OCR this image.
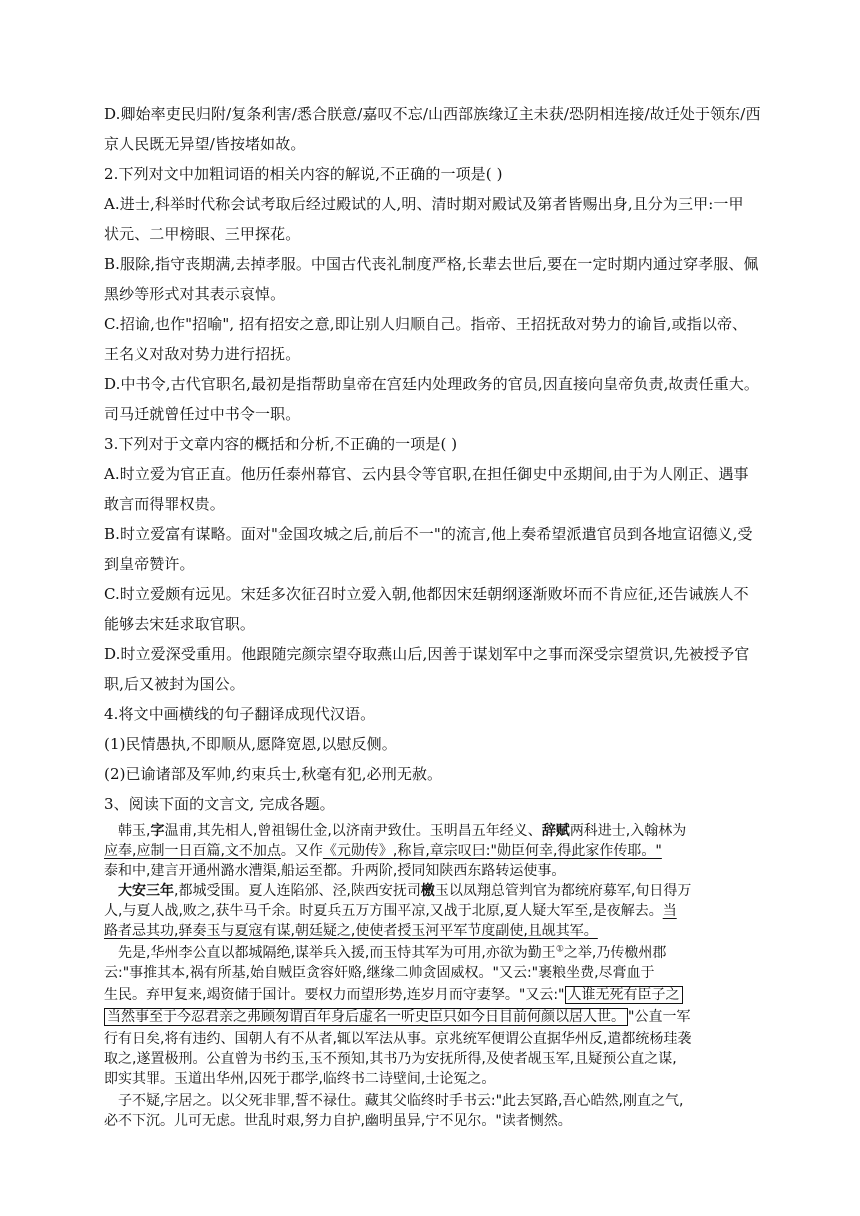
D.卿始率吏民归附/复条利害/悉合朕意/嘉叹不忘/山西部族缘辽主未获/恐阴相连接/故迁处于领东/西
京人民既无异望/皆按堵如故。
2.下列对文中加粗词语的相关内容的解说,不正确的一项是( )
A.进士,科举时代称会试考取后经过殿试的人,明、清时期对殿试及第者皆赐出身,且分为三甲:一甲
状元、二甲榜眼、三甲探花。
B.服除,指守丧期满,去掉孝服。中国古代丧礼制度严格,长辈去世后,要在一定时期内通过穿孝服、佩
黑纱等形式对其表示哀悼。
C.招谕,也作"招喻", 招有招安之意,即让别人归顺自己。指帝、王招抚敌对势力的谕旨,或指以帝、
王名义对敌对势力进行招抚。
D.中书令,古代官职名,最初是指帮助皇帝在宫廷内处理政务的官员,因直接向皇帝负责,故责任重大。
司马迁就曾任过中书令一职。
3.下列对于文章内容的概括和分析,不正确的一项是( )
A.时立爱为官正直。他历任泰州幕官、云内县令等官职,在担任御史中丞期间,由于为人刚正、遇事
敢言而得罪权贵。
B.时立爱富有谋略。面对"金国攻城之后,前后不一"的流言,他上奏希望派遣官员到各地宣诏德义,受
到皇帝赞许。
C.时立爱颇有远见。宋廷多次征召时立爱入朝,他都因宋廷朝纲逐渐败坏而不肯应征,还告诫族人不
能够去宋廷求取官职。
D.时立爱深受重用。他跟随完颜宗望夺取燕山后,因善于谋划军中之事而深受宗望赏识,先被授予官
职,后又被封为国公。
4.将文中画横线的句子翻译成现代汉语。
(1)民情愚执,不即顺从,愿降宽恩,以慰反侧。
(2)已谕诸部及军帅,约束兵士,秋毫有犯,必刑无赦。
3、阅读下面的文言文, 完成各题。
韩玉,字温甫,其先相人,曾祖锡仕金,以济南尹致仕。玉明昌五年经义、辞赋两科进士,入翰林为
应奉,应制一日百篇,文不加点。又作《元勋传》,称旨,章宗叹曰:"勋臣何幸,得此家作传耶。"
泰和中,建言开通州潞水漕渠,船运至都。升两阶,授同知陕西东路转运使事。
大安三年,都城受围。夏人连陷邠、泾,陕西安抚司檄玉以凤翔总管判官为都统府募军,旬日得万
人,与夏人战,败之,获牛马千余。时夏兵五万方围平凉,又战于北原,夏人疑大军至,是夜解去。当
路者忌其功,驿奏玉与夏寇有谋,朝廷疑之,使使者授玉河平军节度副使,且觇其军。
先是,华州李公直以都城隔绝,谋举兵入援,而玉恃其军为可用,亦欲为勤王①之举,乃传檄州郡
云:"事推其本,祸有所基,始自贼臣贪容奸赂,继缘二帅贪固威权。"又云:"裹粮坐费,尽膏血于
生民。弃甲复来,竭资储于国计。要权力而望形势,连岁月而守妻孥。"又云:" 人谁无死有臣子之
当然事至于今忍君亲之弗顾匆谓百年身后虚名一听史臣只如今日目前何颜以居人世。 "公直一军
行有日矣,将有违约、国朝人有不从者,辄以军法从事。京兆统军便谓公直据华州反,遣都统杨珪袭
取之,遂置极刑。公直曾为书约玉,玉不预知,其书乃为安抚所得,及使者觇玉军,且疑预公直之谋,
即实其罪。玉道出华州,囚死于郡学,临终书二诗壁间,士论冤之。
子不疑,字居之。以父死非罪,誓不禄仕。藏其父临终时手书云:"此去冥路,吾心皓然,刚直之气,
必不下沉。儿可无虑。世乱时艰,努力自护,幽明虽异,宁不见尔。"读者恻然。
